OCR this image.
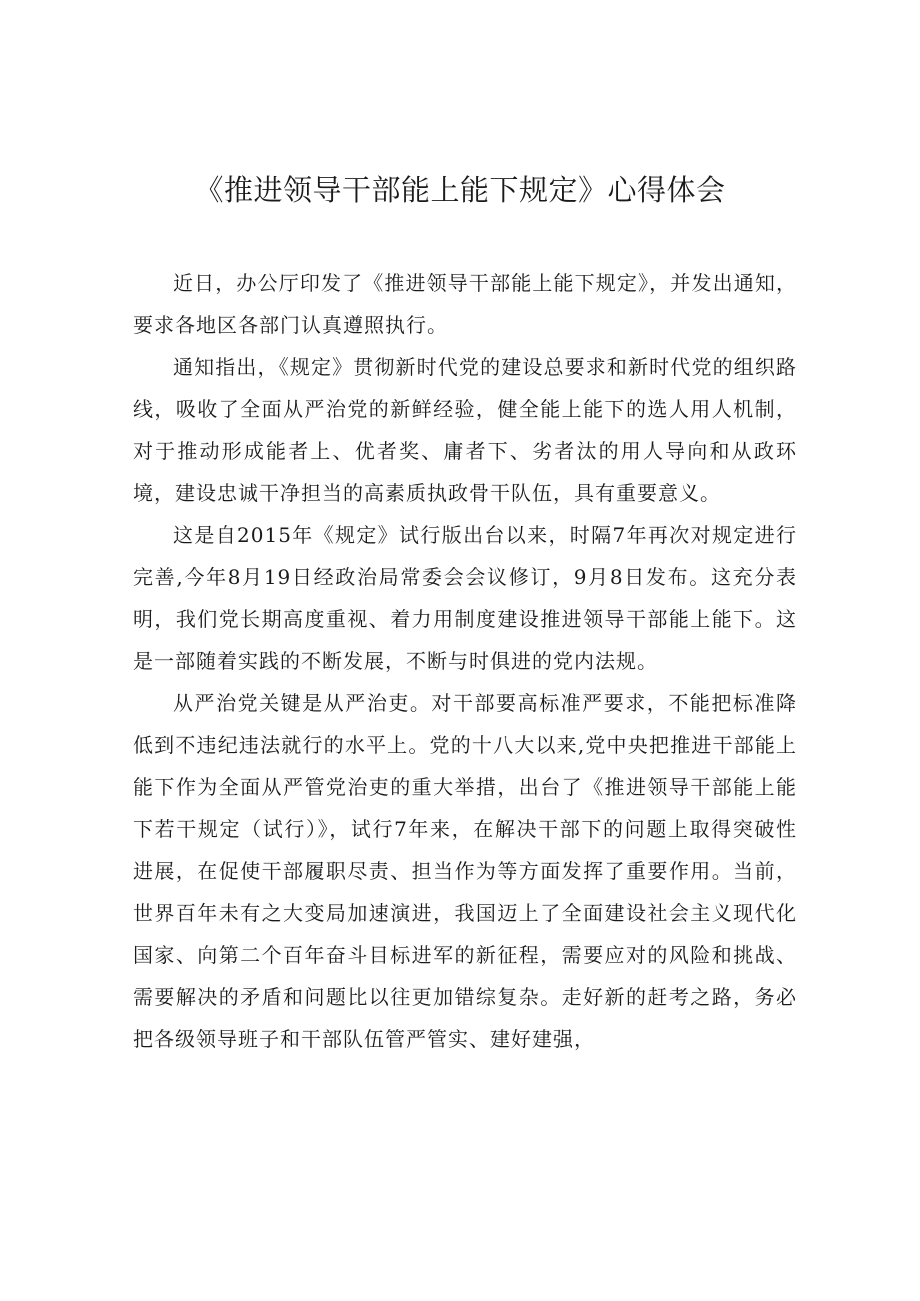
《推进领导干部能上能下规定》心得体会

近日，办公厅印发了《推进领导干部能上能下规定》，并发出通知，要求各地区各部门认真遵照执行。

通知指出，《规定》贯彻新时代党的建设总要求和新时代党的组织路线，吸收了全面从严治党的新鲜经验，健全能上能下的选人用人机制，对于推动形成能者上、优者奖、庸者下、劣者汰的用人导向和从政环境，建设忠诚干净担当的高素质执政骨干队伍，具有重要意义。

这是自2015年《规定》试行版出台以来，时隔7年再次对规定进行完善,今年8月19日经政治局常委会会议修订，9月8日发布。这充分表明，我们党长期高度重视、着力用制度建设推进领导干部能上能下。这是一部随着实践的不断发展，不断与时俱进的党内法规。

从严治党关键是从严治吏。对干部要高标准严要求，不能把标准降低到不违纪违法就行的水平上。党的十八大以来,党中央把推进干部能上能下作为全面从严管党治吏的重大举措，出台了《推进领导干部能上能下若干规定（试行）》，试行7年来，在解决干部下的问题上取得突破性进展，在促使干部履职尽责、担当作为等方面发挥了重要作用。当前，世界百年未有之大变局加速演进，我国迈上了全面建设社会主义现代化国家、向第二个百年奋斗目标进军的新征程，需要应对的风险和挑战、需要解决的矛盾和问题比以往更加错综复杂。走好新的赶考之路，务必把各级领导班子和干部队伍管严管实、建好建强，
